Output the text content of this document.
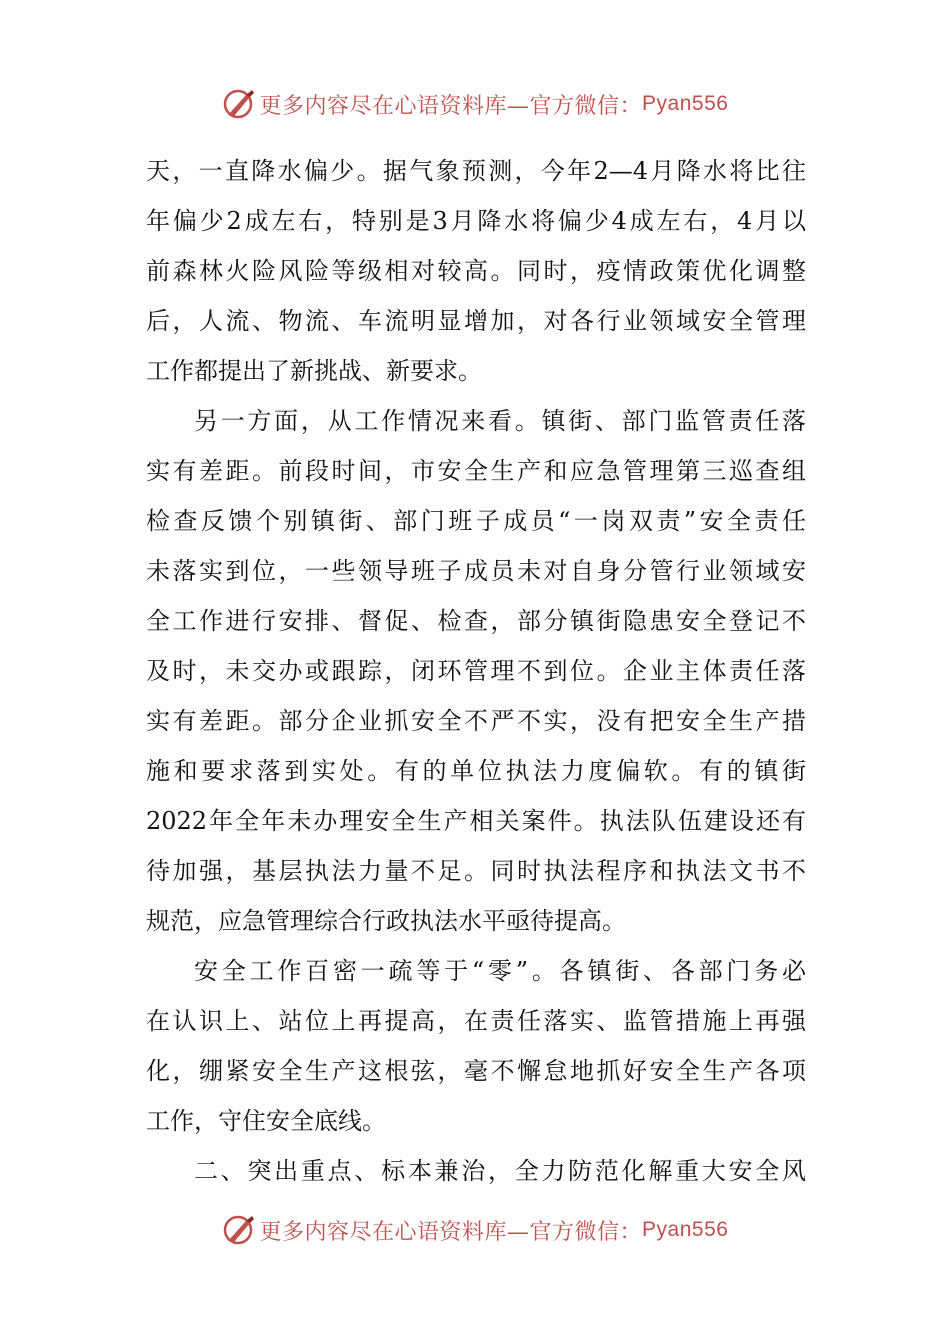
更多内容尽在心语资料库—官方微信： Pyan556

天，一直降水偏少。据气象预测，今年2—4月降水将比往
年偏少2成左右，特别是3月降水将偏少4成左右，4月以
前森林火险风险等级相对较高。同时，疫情政策优化调整
后，人流、物流、车流明显增加，对各行业领域安全管理
工作都提出了新挑战、新要求。

另一方面，从工作情况来看。镇街、部门监管责任落
实有差距。前段时间，市安全生产和应急管理第三巡查组
检查反馈个别镇街、部门班子成员“一岗双责”安全责任
未落实到位，一些领导班子成员未对自身分管行业领域安
全工作进行安排、督促、检查，部分镇街隐患安全登记不
及时，未交办或跟踪，闭环管理不到位。企业主体责任落
实有差距。部分企业抓安全不严不实，没有把安全生产措
施和要求落到实处。有的单位执法力度偏软。有的镇街
2022年全年未办理安全生产相关案件。执法队伍建设还有
待加强，基层执法力量不足。同时执法程序和执法文书不
规范，应急管理综合行政执法水平亟待提高。

安全工作百密一疏等于“零”。各镇街、各部门务必
在认识上、站位上再提高，在责任落实、监管措施上再强
化，绷紧安全生产这根弦，毫不懈怠地抓好安全生产各项
工作，守住安全底线。

二、突出重点、标本兼治，全力防范化解重大安全风

更多内容尽在心语资料库—官方微信： Pyan556
